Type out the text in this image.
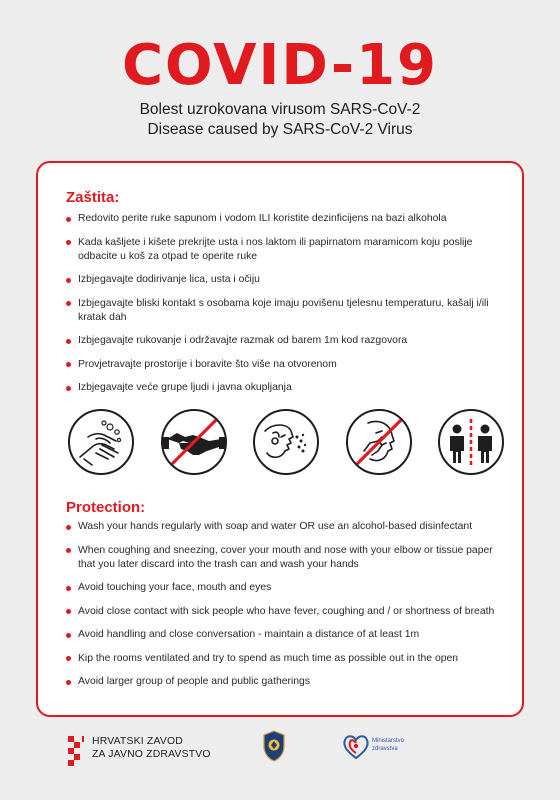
COVID-19
Bolest uzrokovana virusom SARS-CoV-2
Disease caused by SARS-CoV-2 Virus
Zaštita:
Redovito perite ruke sapunom i vodom ILI koristite dezinficijens na bazi alkohola
Kada kašljete i kišete prekrijte usta i nos laktom ili papirnatom maramicom koju poslije odbacite u koš za otpad te operite ruke
Izbjegavajte dodirivanje lica, usta i očiju
Izbjegavajte bliski kontakt s osobama koje imaju povišenu tjelesnu temperaturu, kašalj i/ili kratak dah
Izbjegavajte rukovanje i održavajte razmak od barem 1m kod razgovora
Provjetravajte prostorije i boravite što više na otvorenom
Izbjegavajte veće grupe ljudi i javna okupljanja
Protection:
Wash your hands regularly with soap and water OR use an alcohol-based disinfectant
When coughing and sneezing, cover your mouth and nose with your elbow or tissue paper that you later discard into the trash can and wash your hands
Avoid touching your face, mouth and eyes
Avoid close contact with sick people who have fever, coughing and / or shortness of breath
Avoid handling and close conversation - maintain a distance of at least 1m
Kip the rooms ventilated and try to spend as much time as possible out in the open
Avoid larger group of people and public gatherings
HRVATSKI ZAVOD
ZA JAVNO ZDRAVSTVO
Ministarstvo
zdravstva
